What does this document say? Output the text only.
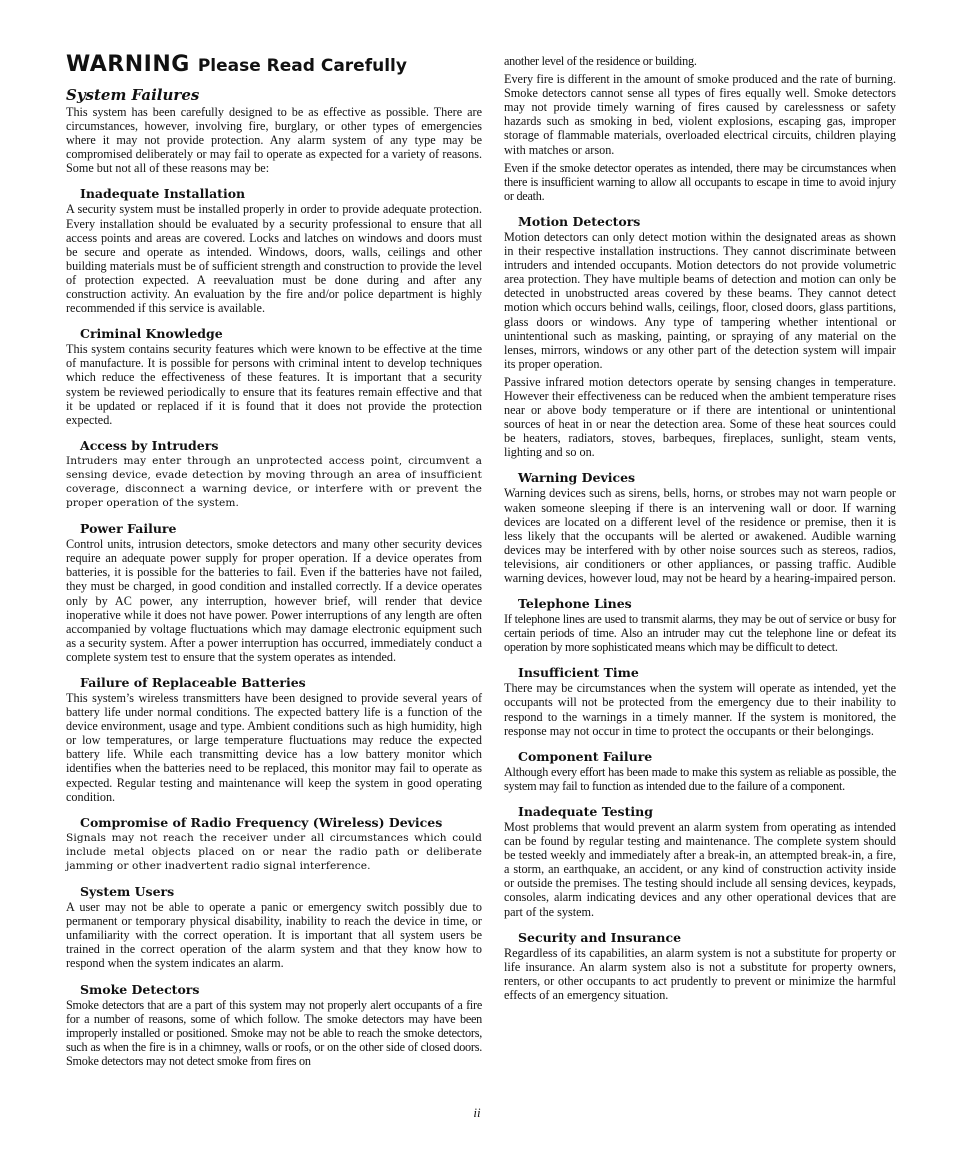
WARNING Please Read Carefully
System Failures

This system has been carefully designed to be as effective as possible. There are circumstances, however, involving fire, burglary, or other types of emergencies where it may not provide protection. Any alarm system of any type may be compromised deliberately or may fail to operate as expected for a variety of reasons. Some but not all of these reasons may be:

Inadequate Installation

A security system must be installed properly in order to provide adequate protection. Every installation should be evaluated by a security professional to ensure that all access points and areas are covered. Locks and latches on windows and doors must be secure and operate as intended. Windows, doors, walls, ceilings and other building materials must be of sufficient strength and construction to provide the level of protection expected. A reevaluation must be done during and after any construction activity. An evaluation by the fire and/or police department is highly recommended if this service is available.

Criminal Knowledge

This system contains security features which were known to be effective at the time of manufacture. It is possible for persons with criminal intent to develop techniques which reduce the effectiveness of these features. It is important that a security system be reviewed periodically to ensure that its features remain effective and that it be updated or replaced if it is found that it does not provide the protection expected.

Access by Intruders

Intruders may enter through an unprotected access point, circumvent a sensing device, evade detection by moving through an area of insufficient coverage, disconnect a warning device, or interfere with or prevent the proper operation of the system.

Power Failure

Control units, intrusion detectors, smoke detectors and many other security devices require an adequate power supply for proper operation. If a device operates from batteries, it is possible for the batteries to fail. Even if the batteries have not failed, they must be charged, in good condition and installed correctly. If a device operates only by AC power, any interruption, however brief, will render that device inoperative while it does not have power. Power interruptions of any length are often accompanied by voltage fluctuations which may damage electronic equipment such as a security system. After a power interruption has occurred, immediately conduct a complete system test to ensure that the system operates as intended.

Failure of Replaceable Batteries

This system’s wireless transmitters have been designed to provide several years of battery life under normal conditions. The expected battery life is a function of the device environment, usage and type. Ambient conditions such as high humidity, high or low temperatures, or large temperature fluctuations may reduce the expected battery life. While each transmitting device has a low battery monitor which identifies when the batteries need to be replaced, this monitor may fail to operate as expected. Regular testing and maintenance will keep the system in good operating condition.

Compromise of Radio Frequency (Wireless) Devices

Signals may not reach the receiver under all circumstances which could include metal objects placed on or near the radio path or deliberate jamming or other inadvertent radio signal interference.

System Users

A user may not be able to operate a panic or emergency switch possibly due to permanent or temporary physical disability, inability to reach the device in time, or unfamiliarity with the correct operation. It is important that all system users be trained in the correct operation of the alarm system and that they know how to respond when the system indicates an alarm.

Smoke Detectors

Smoke detectors that are a part of this system may not properly alert occupants of a fire for a number of reasons, some of which follow. The smoke detectors may have been improperly installed or positioned. Smoke may not be able to reach the smoke detectors, such as when the fire is in a chimney, walls or roofs, or on the other side of closed doors. Smoke detectors may not detect smoke from fires on

another level of the residence or building.

Every fire is different in the amount of smoke produced and the rate of burning. Smoke detectors cannot sense all types of fires equally well. Smoke detectors may not provide timely warning of fires caused by carelessness or safety hazards such as smoking in bed, violent explosions, escaping gas, improper storage of flammable materials, overloaded electrical circuits, children playing with matches or arson.

Even if the smoke detector operates as intended, there may be circumstances when there is insufficient warning to allow all occupants to escape in time to avoid injury or death.

Motion Detectors

Motion detectors can only detect motion within the designated areas as shown in their respective installation instructions. They cannot discriminate between intruders and intended occupants. Motion detectors do not provide volumetric area protection. They have multiple beams of detection and motion can only be detected in unobstructed areas covered by these beams. They cannot detect motion which occurs behind walls, ceilings, floor, closed doors, glass partitions, glass doors or windows. Any type of tampering whether intentional or unintentional such as masking, painting, or spraying of any material on the lenses, mirrors, windows or any other part of the detection system will impair its proper operation.

Passive infrared motion detectors operate by sensing changes in temperature. However their effectiveness can be reduced when the ambient temperature rises near or above body temperature or if there are intentional or unintentional sources of heat in or near the detection area. Some of these heat sources could be heaters, radiators, stoves, barbeques, fireplaces, sunlight, steam vents, lighting and so on.

Warning Devices

Warning devices such as sirens, bells, horns, or strobes may not warn people or waken someone sleeping if there is an intervening wall or door. If warning devices are located on a different level of the residence or premise, then it is less likely that the occupants will be alerted or awakened. Audible warning devices may be interfered with by other noise sources such as stereos, radios, televisions, air conditioners or other appliances, or passing traffic. Audible warning devices, however loud, may not be heard by a hearing-impaired person.

Telephone Lines

If telephone lines are used to transmit alarms, they may be out of service or busy for certain periods of time. Also an intruder may cut the telephone line or defeat its operation by more sophisticated means which may be difficult to detect.

Insufficient Time

There may be circumstances when the system will operate as intended, yet the occupants will not be protected from the emergency due to their inability to respond to the warnings in a timely manner. If the system is monitored, the response may not occur in time to protect the occupants or their belongings.

Component Failure

Although every effort has been made to make this system as reliable as possible, the system may fail to function as intended due to the failure of a component.

Inadequate Testing

Most problems that would prevent an alarm system from operating as intended can be found by regular testing and maintenance. The complete system should be tested weekly and immediately after a break-in, an attempted break-in, a fire, a storm, an earthquake, an accident, or any kind of construction activity inside or outside the premises. The testing should include all sensing devices, keypads, consoles, alarm indicating devices and any other operational devices that are part of the system.

Security and Insurance

Regardless of its capabilities, an alarm system is not a substitute for property or life insurance. An alarm system also is not a substitute for property owners, renters, or other occupants to act prudently to prevent or minimize the harmful effects of an emergency situation.

ii
